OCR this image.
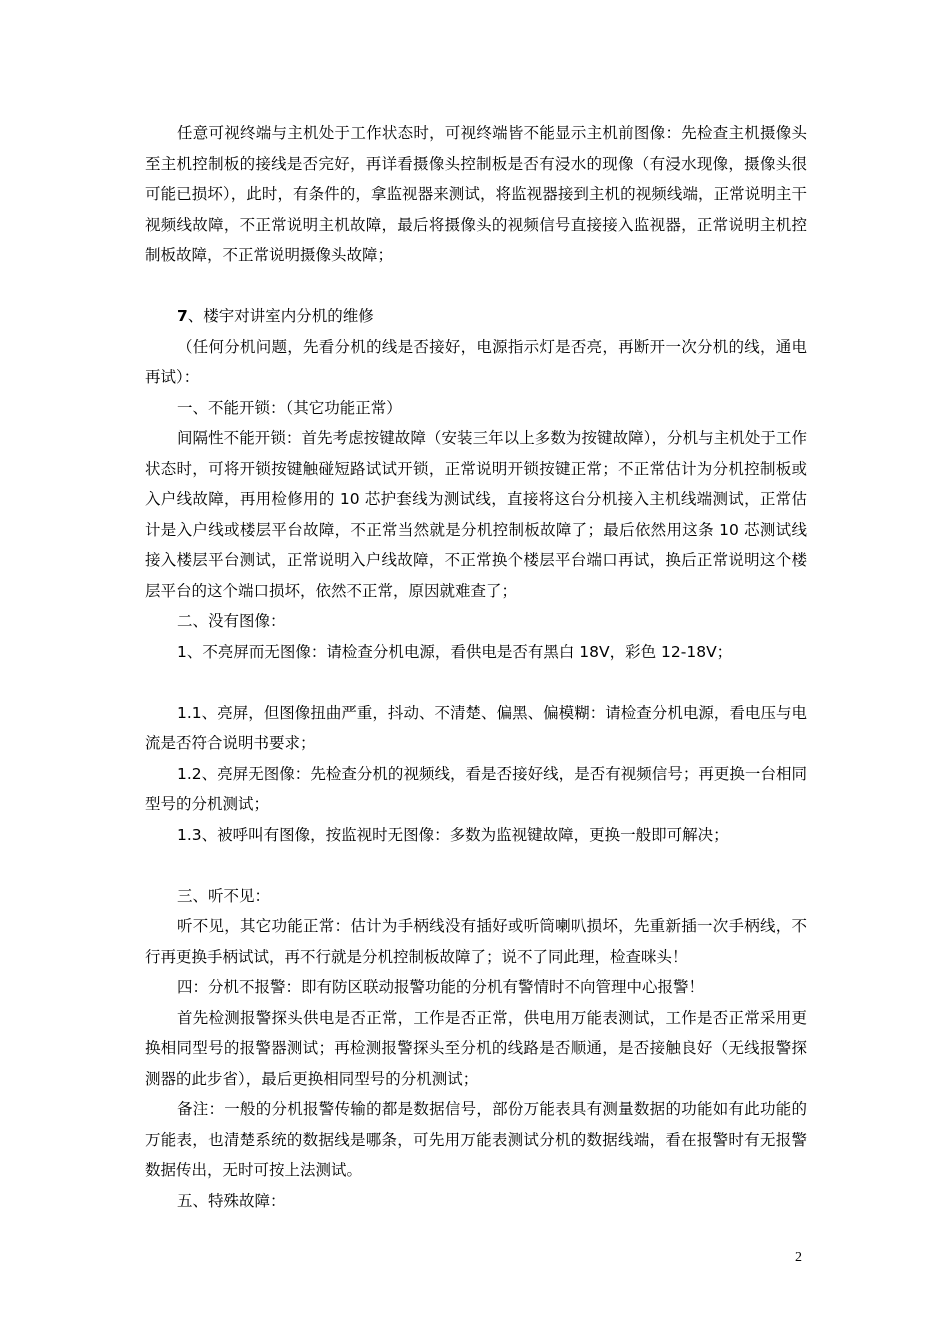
任意可视终端与主机处于工作状态时，可视终端皆不能显示主机前图像：先检查主机摄像头至主机控制板的接线是否完好，再详看摄像头控制板是否有浸水的现像（有浸水现像，摄像头很可能已损坏），此时，有条件的，拿监视器来测试，将监视器接到主机的视频线端，正常说明主干视频线故障，不正常说明主机故障，最后将摄像头的视频信号直接接入监视器，正常说明主机控制板故障，不正常说明摄像头故障；

7、楼宇对讲室内分机的维修

（任何分机问题，先看分机的线是否接好，电源指示灯是否亮，再断开一次分机的线，通电再试）：

一、不能开锁：（其它功能正常）

间隔性不能开锁：首先考虑按键故障（安装三年以上多数为按键故障），分机与主机处于工作状态时，可将开锁按键触碰短路试试开锁，正常说明开锁按键正常；不正常估计为分机控制板或入户线故障，再用检修用的 10 芯护套线为测试线，直接将这台分机接入主机线端测试，正常估计是入户线或楼层平台故障，不正常当然就是分机控制板故障了；最后依然用这条 10 芯测试线接入楼层平台测试，正常说明入户线故障，不正常换个楼层平台端口再试，换后正常说明这个楼层平台的这个端口损坏，依然不正常，原因就难查了；

二、没有图像：

1、不亮屏而无图像：请检查分机电源，看供电是否有黑白 18V，彩色 12-18V；

1.1、亮屏，但图像扭曲严重，抖动、不清楚、偏黑、偏模糊：请检查分机电源，看电压与电流是否符合说明书要求；

1.2、亮屏无图像：先检查分机的视频线，看是否接好线，是否有视频信号；再更换一台相同型号的分机测试；

1.3、被呼叫有图像，按监视时无图像：多数为监视键故障，更换一般即可解决；

三、听不见：

听不见，其它功能正常：估计为手柄线没有插好或听筒喇叭损坏，先重新插一次手柄线，不行再更换手柄试试，再不行就是分机控制板故障了；说不了同此理，检查咪头！

四：分机不报警：即有防区联动报警功能的分机有警情时不向管理中心报警！

首先检测报警探头供电是否正常，工作是否正常，供电用万能表测试，工作是否正常采用更换相同型号的报警器测试；再检测报警探头至分机的线路是否顺通，是否接触良好（无线报警探测器的此步省），最后更换相同型号的分机测试；

备注：一般的分机报警传输的都是数据信号，部份万能表具有测量数据的功能如有此功能的万能表，也清楚系统的数据线是哪条，可先用万能表测试分机的数据线端，看在报警时有无报警数据传出，无时可按上法测试。

五、特殊故障：

2
